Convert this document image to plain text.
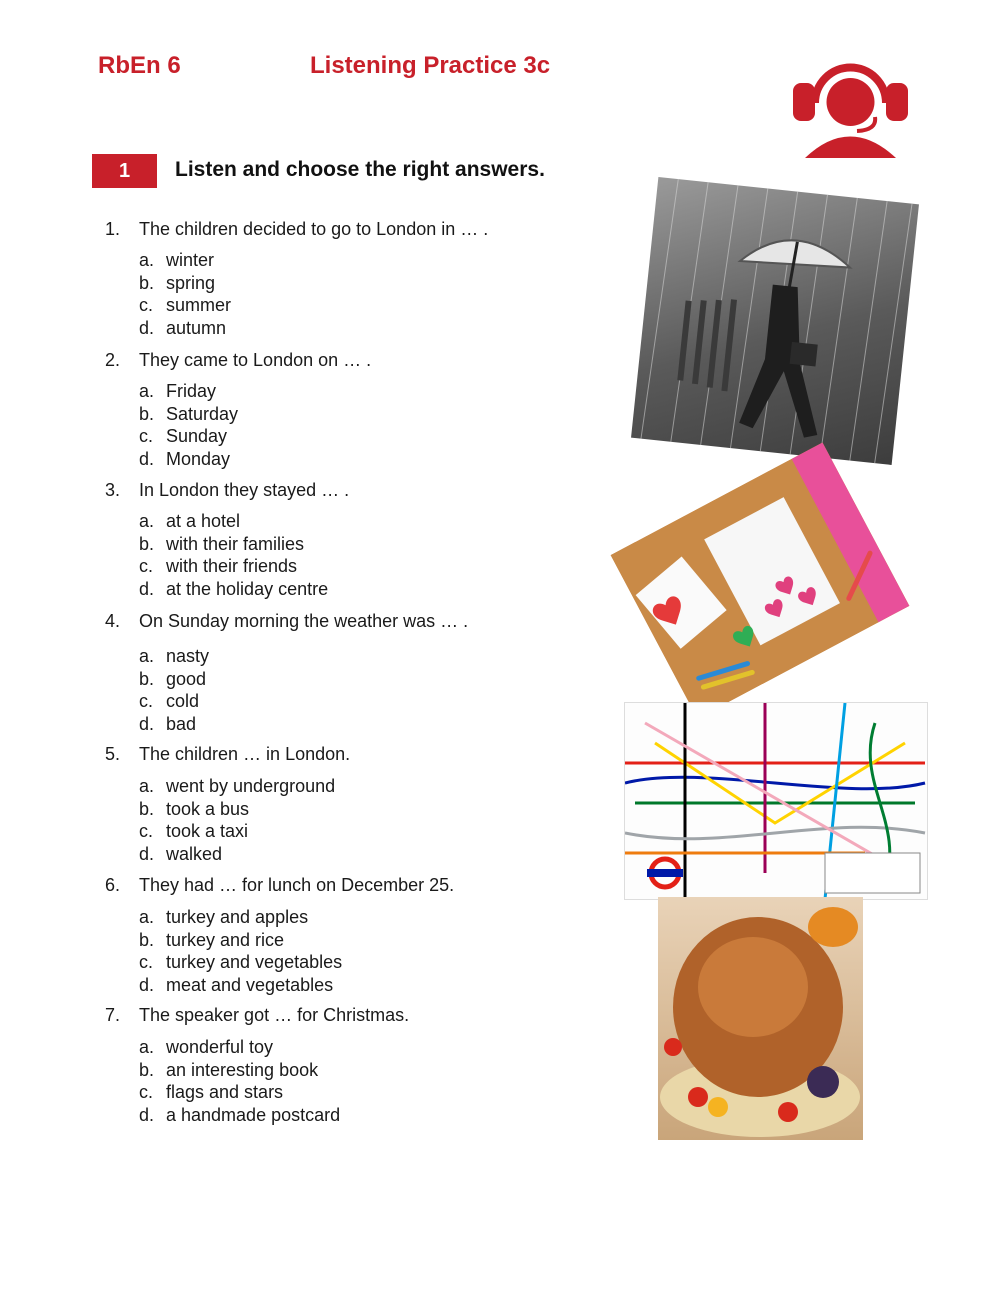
RbEn 6	Listening Practice 3c
1	Listen and choose the right answers.
1. The children decided to go to London in … .
a. winter
b. spring
c. summer
d. autumn
2. They came to London on … .
a. Friday
b. Saturday
c. Sunday
d. Monday
3. In London they stayed … .
a. at a hotel
b. with their families
c. with their friends
d. at the holiday centre
4. On Sunday morning the weather was … .
a. nasty
b. good
c. cold
d. bad
5. The children … in London.
a. went by underground
b. took a bus
c. took a taxi
d. walked
6. They had … for lunch on December 25.
a. turkey and apples
b. turkey and rice
c. turkey and vegetables
d. meat and vegetables
7. The speaker got … for Christmas.
a. wonderful toy
b. an interesting book
c. flags and stars
d. a handmade postcard
